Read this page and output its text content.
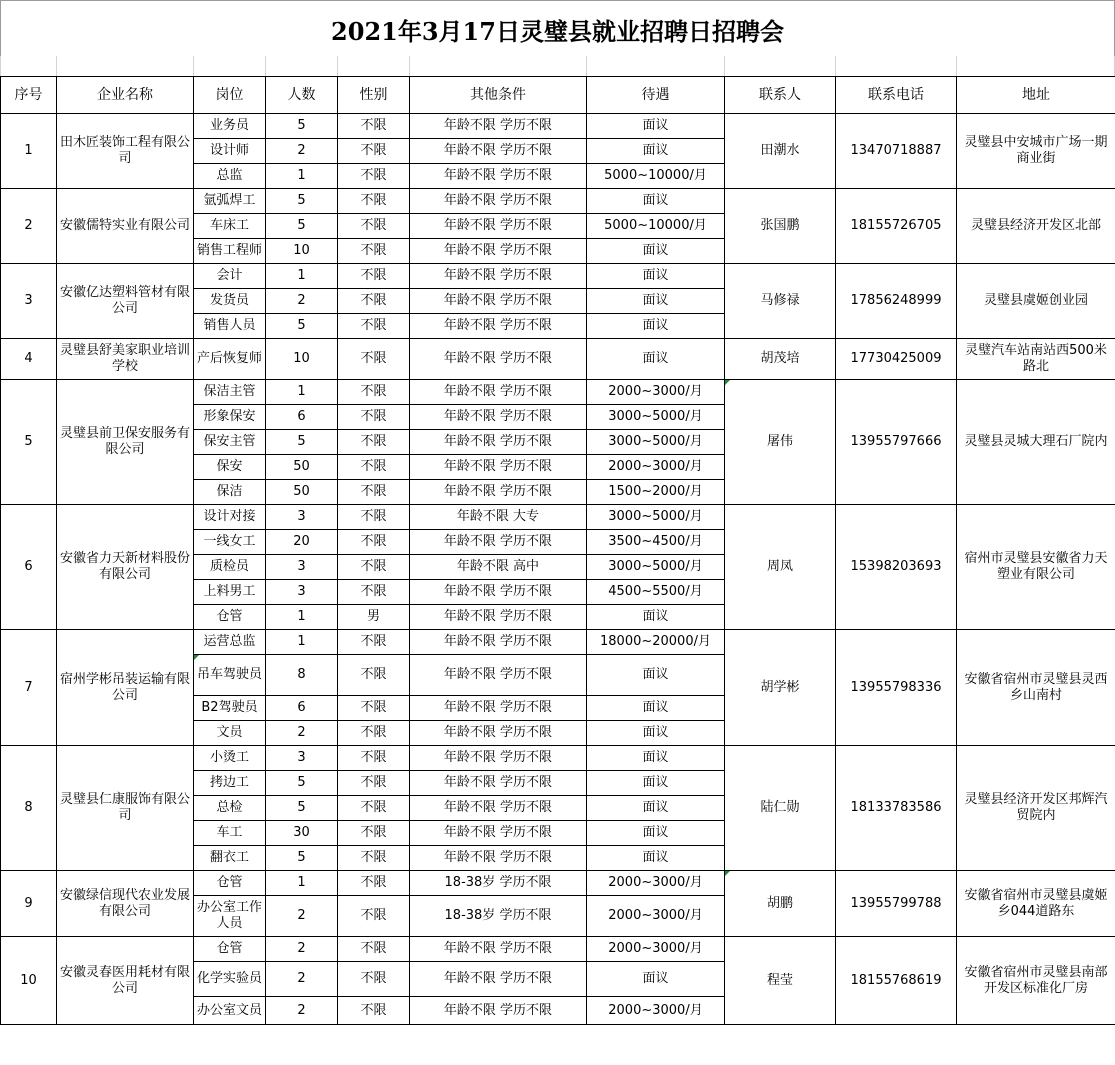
2021年3月17日灵璧县就业招聘日招聘会
序号	企业名称	岗位	人数	性别	其他条件	待遇	联系人	联系电话	地址
1	田木匠装饰工程有限公司	业务员	5	不限	年龄不限 学历不限	面议	田潮水	13470718887	灵璧县中安城市广场一期商业街
		设计师	2	不限	年龄不限 学历不限	面议			
		总监	1	不限	年龄不限 学历不限	5000~10000/月			
2	安徽儒特实业有限公司	氩弧焊工	5	不限	年龄不限 学历不限	面议	张国鹏	18155726705	灵璧县经济开发区北部
		车床工	5	不限	年龄不限 学历不限	5000~10000/月			

		销售工程师	10	不限	年龄不限 学历不限	面议			
3	安徽亿达塑料管材有限公司	会计	1	不限	年龄不限 学历不限	面议	马修禄	17856248999	灵璧县虞姬创业园
		发货员	2	不限	年龄不限 学历不限	面议			
		销售人员	5	不限	年龄不限 学历不限	面议			
4	灵璧县舒美家职业培训学校	产后恢复师	10	不限	年龄不限 学历不限	面议	胡茂培	17730425009	灵璧汽车站南站西500米路北
5	灵璧县前卫保安服务有限公司	保洁主管	1	不限	年龄不限 学历不限	2000~3000/月	屠伟	13955797666	灵璧县灵城大理石厂院内
		形象保安	6	不限	年龄不限 学历不限	3000~5000/月			
		保安主管	5	不限	年龄不限 学历不限	3000~5000/月			
		保安	50	不限	年龄不限 学历不限	2000~3000/月			
		保洁	50	不限	年龄不限 学历不限	1500~2000/月			
6	安徽省力天新材料股份有限公司	设计对接	3	不限	年龄不限 大专	3000~5000/月	周凤	15398203693	宿州市灵璧县安徽省力天塑业有限公司
		一线女工	20	不限	年龄不限 学历不限	3500~4500/月			
		质检员	3	不限	年龄不限 高中	3000~5000/月			
		上料男工	3	不限	年龄不限 学历不限	4500~5500/月			
		仓管	1	男	年龄不限 学历不限	面议			
7	宿州学彬吊装运输有限公司	运营总监	1	不限	年龄不限 学历不限	18000~20000/月	胡学彬	13955798336	安徽省宿州市灵璧县灵西乡山南村
		吊车驾驶员	8	不限	年龄不限 学历不限	面议			
		B2驾驶员	6	不限	年龄不限 学历不限	面议			
		文员	2	不限	年龄不限 学历不限	面议			
8	灵璧县仁康服饰有限公司	小烫工	3	不限	年龄不限 学历不限	面议	陆仁勋	18133783586	灵璧县经济开发区邦辉汽贸院内
		拷边工	5	不限	年龄不限 学历不限	面议			
		总检	5	不限	年龄不限 学历不限	面议			
		车工	30	不限	年龄不限 学历不限	面议			
		翻衣工	5	不限	年龄不限 学历不限	面议			
9	安徽绿信现代农业发展有限公司	仓管	1	不限	18-38岁 学历不限	2000~3000/月	胡鹏	13955799788	安徽省宿州市灵璧县虞姬乡044道路东
		办公室工作人员	2	不限	18-38岁 学历不限	2000~3000/月			
10	安徽灵春医用耗材有限公司	仓管	2	不限	年龄不限 学历不限	2000~3000/月	程莹	18155768619	安徽省宿州市灵璧县南部开发区标准化厂房
		化学实验员	2	不限	年龄不限 学历不限	面议			
		办公室文员	2	不限	年龄不限 学历不限	2000~3000/月			
